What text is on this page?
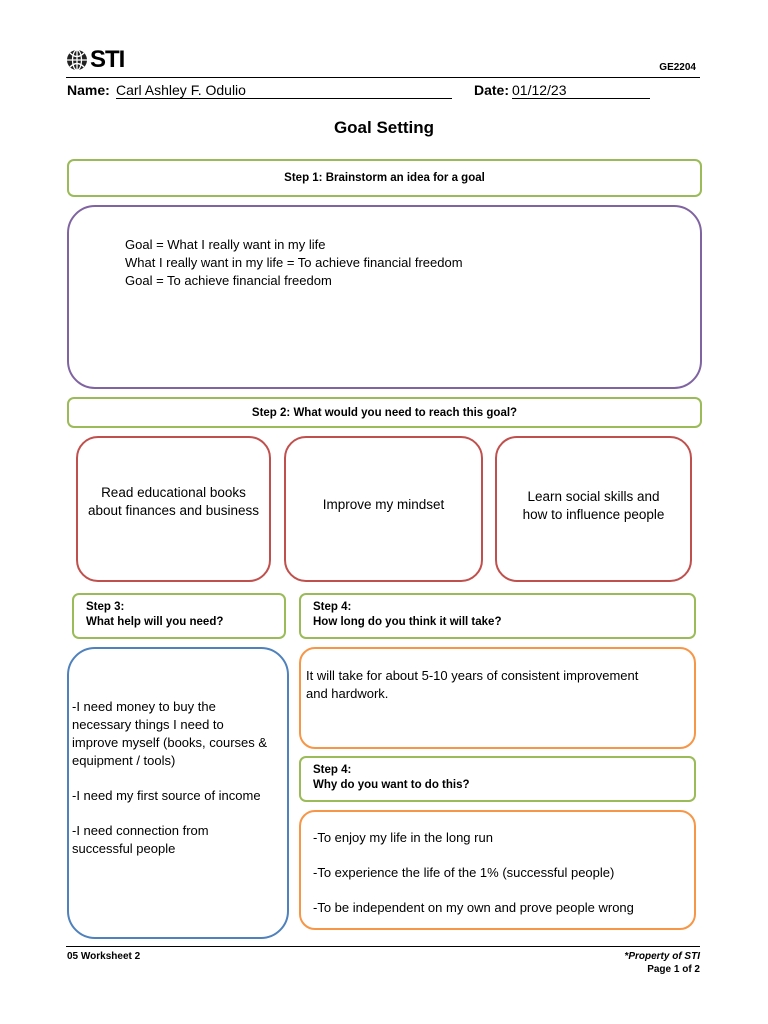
STI	GE2204
Name: Carl Ashley F. Odulio	Date: 01/12/23
Goal Setting
Step 1: Brainstorm an idea for a goal
Goal = What I really want in my life
What I really want in my life = To achieve financial freedom
Goal = To achieve financial freedom
Step 2: What would you need to reach this goal?
Read educational books about finances and business	Improve my mindset
Learn social skills and how to influence people
Step 3:
What help will you need?
-I need money to buy the
necessary things I need to
improve myself (books, courses &
equipment / tools)
-I need my first source of income
-I need connection from
successful people
Step 4:
How long do you think it will take?
It will take for about 5-10 years of consistent improvement
and hardwork.
Step 4:
Why do you want to do this?
-To enjoy my life in the long run
-To experience the life of the 1% (successful people)
-To be independent on my own and prove people wrong
05 Worksheet 2	*Property of STI
Page 1 of 2
